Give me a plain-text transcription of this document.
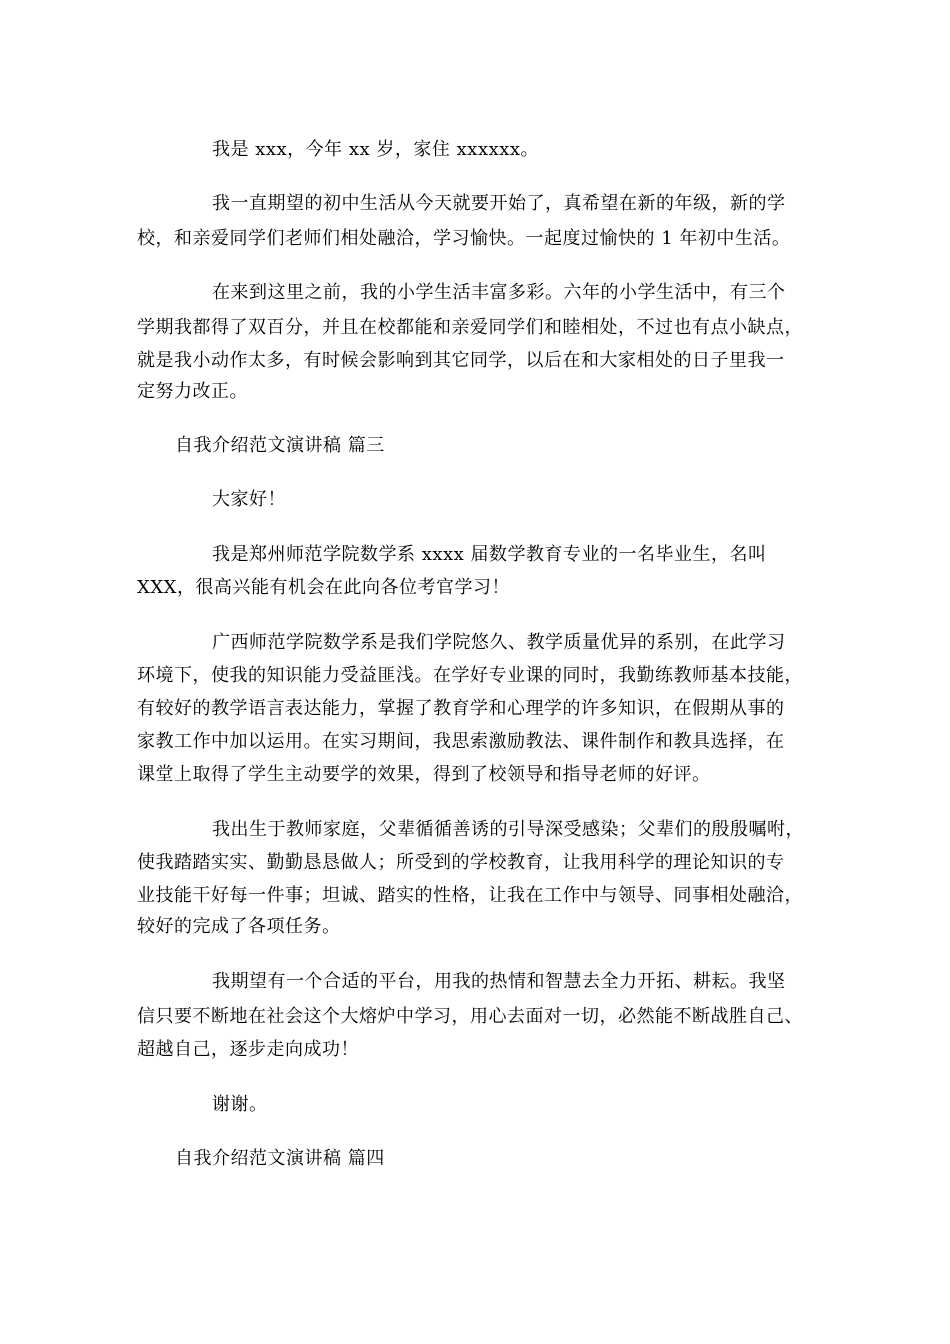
我是 xxx，今年 xx 岁，家住 xxxxxx。
我一直期望的初中生活从今天就要开始了，真希望在新的年级，新的学
校，和亲爱同学们老师们相处融洽，学习愉快。一起度过愉快的 1 年初中生活。
在来到这里之前，我的小学生活丰富多彩。六年的小学生活中，有三个
学期我都得了双百分，并且在校都能和亲爱同学们和睦相处，不过也有点小缺点，
就是我小动作太多，有时候会影响到其它同学，以后在和大家相处的日子里我一
定努力改正。
自我介绍范文演讲稿 篇三
大家好！
我是郑州师范学院数学系 xxxx 届数学教育专业的一名毕业生，名叫
XXX，很高兴能有机会在此向各位考官学习！
广西师范学院数学系是我们学院悠久、教学质量优异的系别，在此学习
环境下，使我的知识能力受益匪浅。在学好专业课的同时，我勤练教师基本技能，
有较好的教学语言表达能力，掌握了教育学和心理学的许多知识，在假期从事的
家教工作中加以运用。在实习期间，我思索激励教法、课件制作和教具选择，在
课堂上取得了学生主动要学的效果，得到了校领导和指导老师的好评。
我出生于教师家庭，父辈循循善诱的引导深受感染；父辈们的殷殷嘱咐，
使我踏踏实实、勤勤恳恳做人；所受到的学校教育，让我用科学的理论知识的专
业技能干好每一件事；坦诚、踏实的性格，让我在工作中与领导、同事相处融洽，
较好的完成了各项任务。
我期望有一个合适的平台，用我的热情和智慧去全力开拓、耕耘。我坚
信只要不断地在社会这个大熔炉中学习，用心去面对一切，必然能不断战胜自己、
超越自己，逐步走向成功！
谢谢。
自我介绍范文演讲稿 篇四
